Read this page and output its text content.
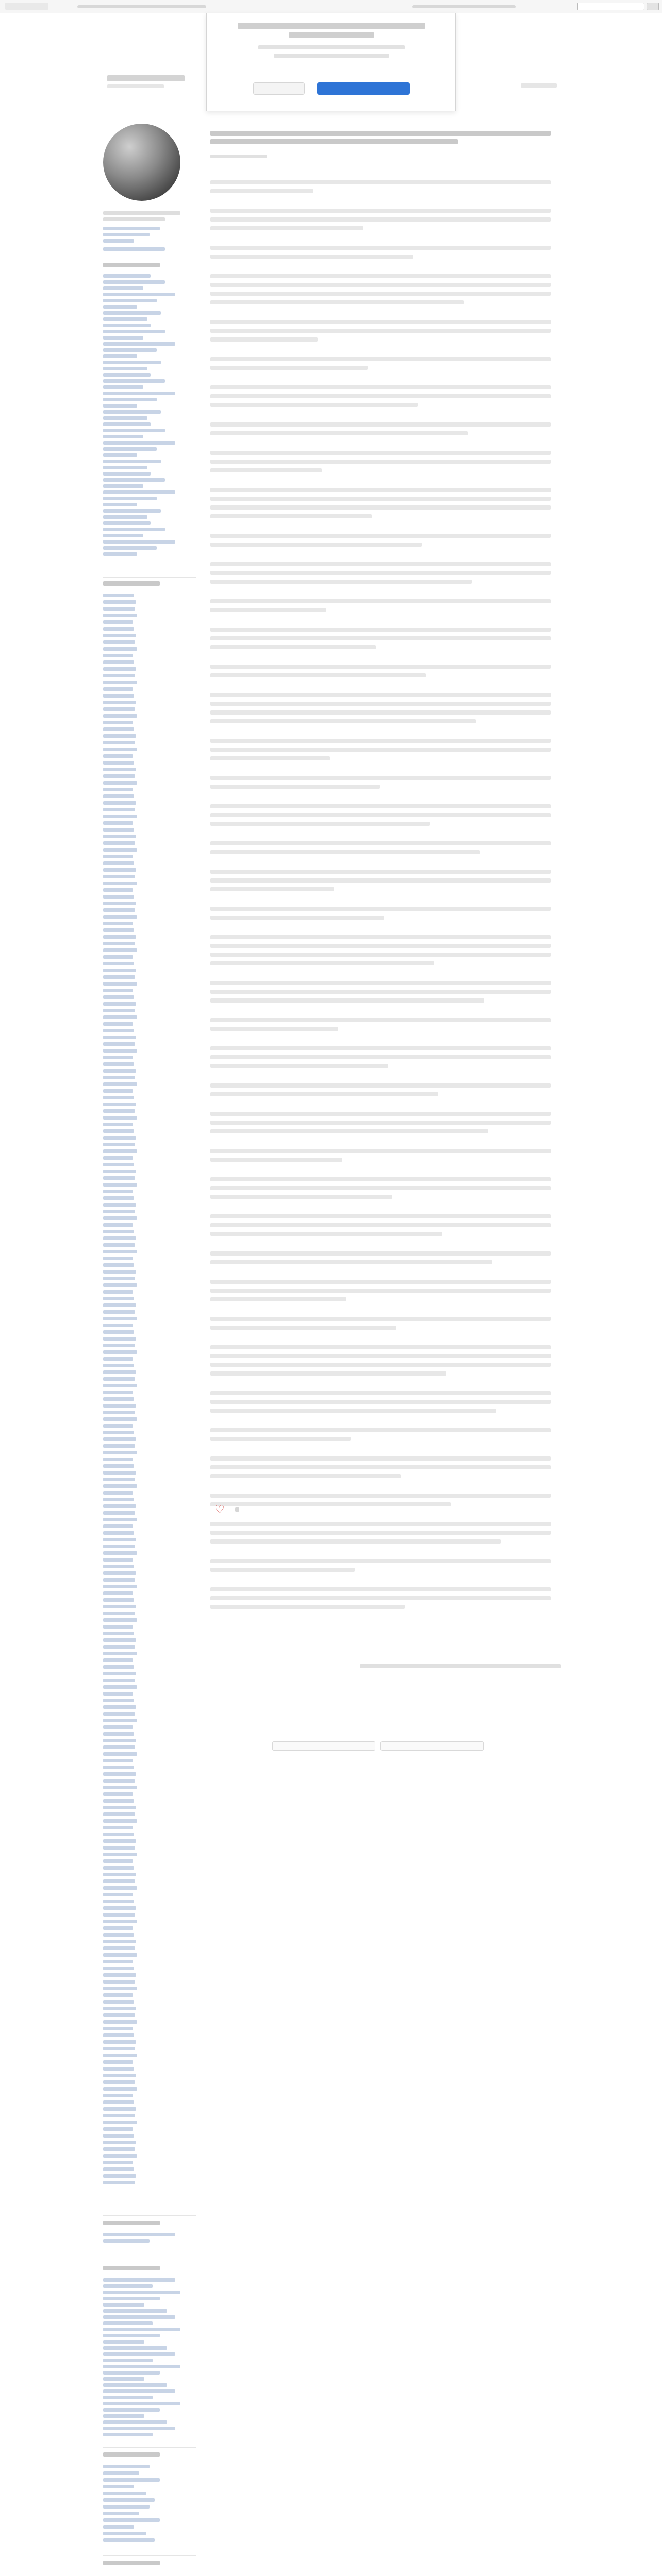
♡
